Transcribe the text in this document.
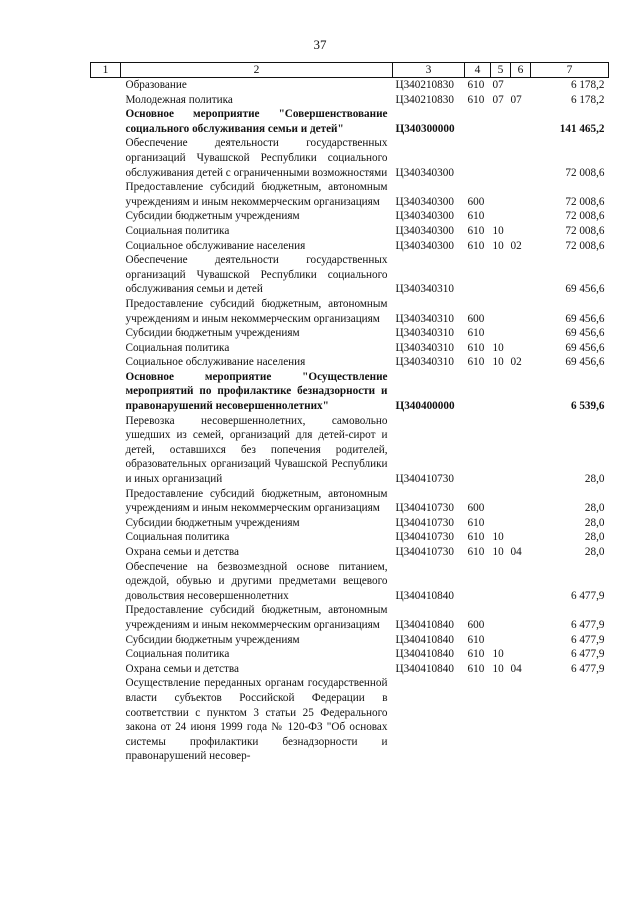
37
1	2	3	4	5	6	7
	Образование	Ц340210830	610	07		6 178,2
	Молодежная политика	Ц340210830	610	07	07	6 178,2
	Основное мероприятие "Совершенствование социального обслуживания семьи и детей"	Ц340300000				141 465,2
	Обеспечение деятельности государственных организаций Чувашской Республики социального обслуживания детей с ограниченными возможностями	Ц340340300				72 008,6
	Предоставление субсидий бюджетным, автономным учреждениям и иным некоммерческим организациям	Ц340340300	600			72 008,6
	Субсидии бюджетным учреждениям	Ц340340300	610			72 008,6
	Социальная политика	Ц340340300	610	10		72 008,6
	Социальное обслуживание населения	Ц340340300	610	10	02	72 008,6
	Обеспечение деятельности государственных организаций Чувашской Республики социального обслуживания семьи и детей	Ц340340310				69 456,6
	Предоставление субсидий бюджетным, автономным учреждениям и иным некоммерческим организациям	Ц340340310	600			69 456,6
	Субсидии бюджетным учреждениям	Ц340340310	610			69 456,6
	Социальная политика	Ц340340310	610	10		69 456,6
	Социальное обслуживание населения	Ц340340310	610	10	02	69 456,6
	Основное мероприятие "Осуществление мероприятий по профилактике безнадзорности и правонарушений несовершеннолетних"	Ц340400000				6 539,6
	Перевозка несовершеннолетних, самовольно ушедших из семей, организаций для детей-сирот и детей, оставшихся без попечения родителей, образовательных организаций Чувашской Республики и иных организаций	Ц340410730				28,0
	Предоставление субсидий бюджетным, автономным учреждениям и иным некоммерческим организациям	Ц340410730	600			28,0
	Субсидии бюджетным учреждениям	Ц340410730	610			28,0
	Социальная политика	Ц340410730	610	10		28,0
	Охрана семьи и детства	Ц340410730	610	10	04	28,0
	Обеспечение на безвозмездной основе питанием, одеждой, обувью и другими предметами вещевого довольствия несовершеннолетних	Ц340410840				6 477,9
	Предоставление субсидий бюджетным, автономным учреждениям и иным некоммерческим организациям	Ц340410840	600			6 477,9
	Субсидии бюджетным учреждениям	Ц340410840	610			6 477,9
	Социальная политика	Ц340410840	610	10		6 477,9
	Охрана семьи и детства	Ц340410840	610	10	04	6 477,9
	Осуществление переданных органам государственной власти субъектов Российской Федерации в соответствии с пунктом 3 статьи 25 Федерального закона от 24 июня 1999 года № 120-ФЗ "Об основах системы профилактики безнадзорности и правонарушений несовер-					
